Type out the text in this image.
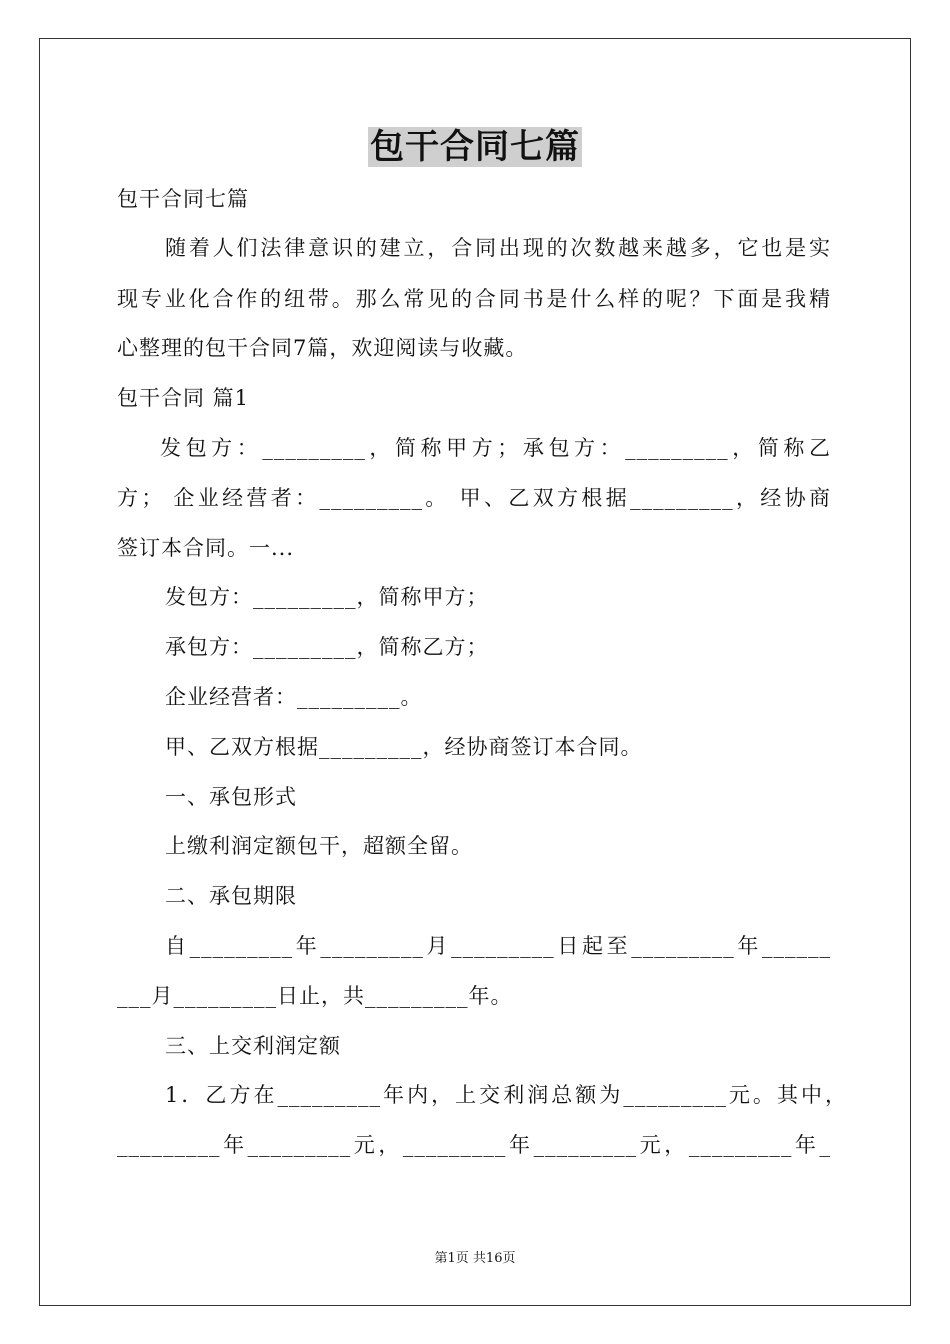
包干合同七篇
包干合同七篇
随着人们法律意识的建立，合同出现的次数越来越多，它也是实
现专业化合作的纽带。那么常见的合同书是什么样的呢？下面是我精
心整理的包干合同7篇，欢迎阅读与收藏。
包干合同 篇1
发包方：_________，简称甲方；承包方：_________，简称乙
方； 企业经营者：_________。 甲、乙双方根据_________，经协商
签订本合同。一...
发包方：_________，简称甲方；
承包方：_________，简称乙方；
企业经营者：_________。
甲、乙双方根据_________，经协商签订本合同。
一、承包形式
上缴利润定额包干，超额全留。
二、承包期限
自_________年_________月_________日起至_________年______
___月_________日止，共_________年。
三、上交利润定额
1．乙方在_________年内，上交利润总额为_________元。其中，
_________年_________元，_________年_________元，_________年_
第1页 共16页
